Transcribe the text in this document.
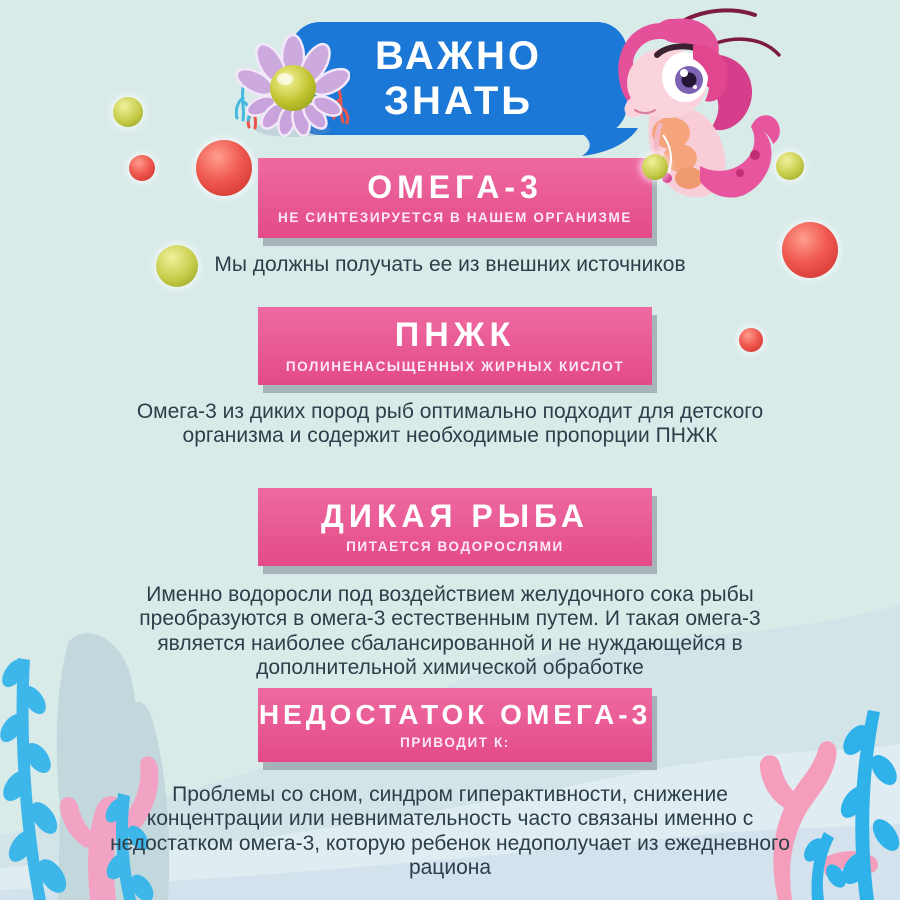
ВАЖНО
ЗНАТЬ
ОМЕГА-3
НЕ СИНТЕЗИРУЕТСЯ В НАШЕМ ОРГАНИЗМЕ
Мы должны получать ее из внешних источников
ПНЖК
ПОЛИНЕНАСЫЩЕННЫХ ЖИРНЫХ КИСЛОТ
Омега-3 из диких пород рыб оптимально подходит для детского организма и содержит необходимые пропорции ПНЖК
ДИКАЯ РЫБА
ПИТАЕТСЯ ВОДОРОСЛЯМИ
Именно водоросли под воздействием желудочного сока рыбы преобразуются в омега-3 естественным путем. И такая омега-3 является наиболее сбалансированной и не нуждающейся в дополнительной химической обработке
НЕДОСТАТОК ОМЕГА-3
ПРИВОДИТ К:
Проблемы со сном, синдром гиперактивности, снижение концентрации или невнимательность часто связаны именно с недостатком омега-3, которую ребенок недополучает из ежедневного рациона
